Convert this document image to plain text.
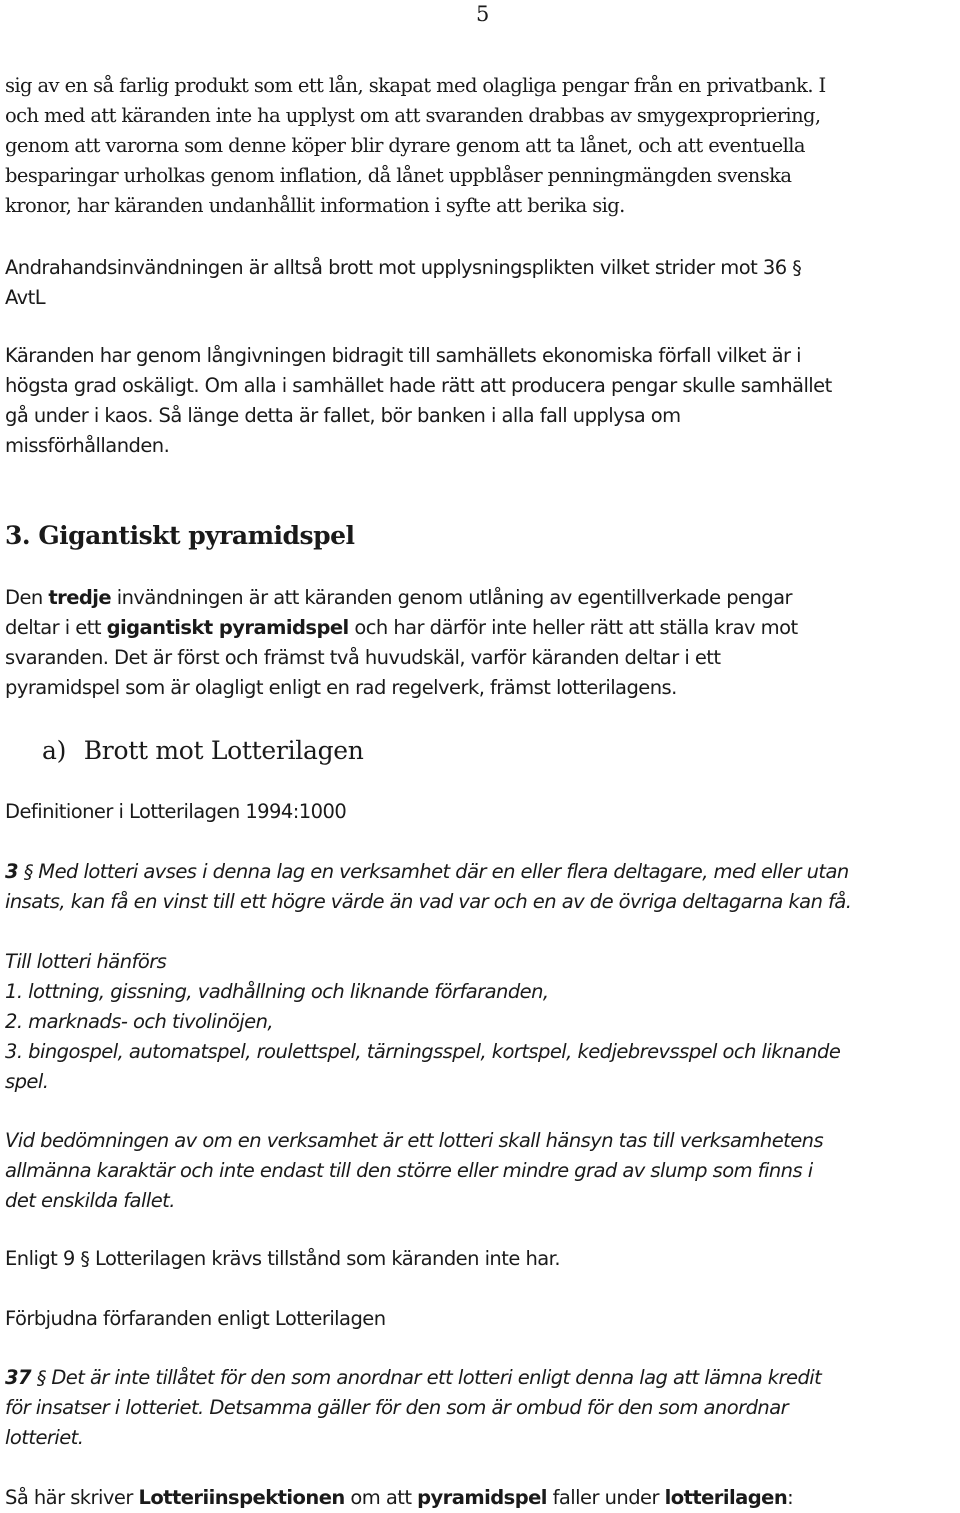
5
sig av en så farlig produkt som ett lån, skapat med olagliga pengar från en privatbank. I
och med att käranden inte ha upplyst om att svaranden drabbas av smygexpropriering,
genom att varorna som denne köper blir dyrare genom att ta lånet, och att eventuella
besparingar urholkas genom inflation, då lånet uppblåser penningmängden svenska
kronor, har käranden undanhållit information i syfte att berika sig.
Andrahandsinvändningen är alltså brott mot upplysningsplikten vilket strider mot 36 §
AvtL
Käranden har genom långivningen bidragit till samhällets ekonomiska förfall vilket är i
högsta grad oskäligt. Om alla i samhället hade rätt att producera pengar skulle samhället
gå under i kaos. Så länge detta är fallet, bör banken i alla fall upplysa om
missförhållanden.
3. Gigantiskt pyramidspel
Den tredje invändningen är att käranden genom utlåning av egentillverkade pengar
deltar i ett gigantiskt pyramidspel och har därför inte heller rätt att ställa krav mot
svaranden. Det är först och främst två huvudskäl, varför käranden deltar i ett
pyramidspel som är olagligt enligt en rad regelverk, främst lotterilagens.
a) Brott mot Lotterilagen
Definitioner i Lotterilagen 1994:1000
3 § Med lotteri avses i denna lag en verksamhet där en eller flera deltagare, med eller utan
insats, kan få en vinst till ett högre värde än vad var och en av de övriga deltagarna kan få.
Till lotteri hänförs
1. lottning, gissning, vadhållning och liknande förfaranden,
2. marknads- och tivolinöjen,
3. bingospel, automatspel, roulettspel, tärningsspel, kortspel, kedjebrevsspel och liknande
spel.
Vid bedömningen av om en verksamhet är ett lotteri skall hänsyn tas till verksamhetens
allmänna karaktär och inte endast till den större eller mindre grad av slump som finns i
det enskilda fallet.
Enligt 9 § Lotterilagen krävs tillstånd som käranden inte har.
Förbjudna förfaranden enligt Lotterilagen
37 § Det är inte tillåtet för den som anordnar ett lotteri enligt denna lag att lämna kredit
för insatser i lotteriet. Detsamma gäller för den som är ombud för den som anordnar
lotteriet.
Så här skriver Lotteriinspektionen om att pyramidspel faller under lotterilagen:
